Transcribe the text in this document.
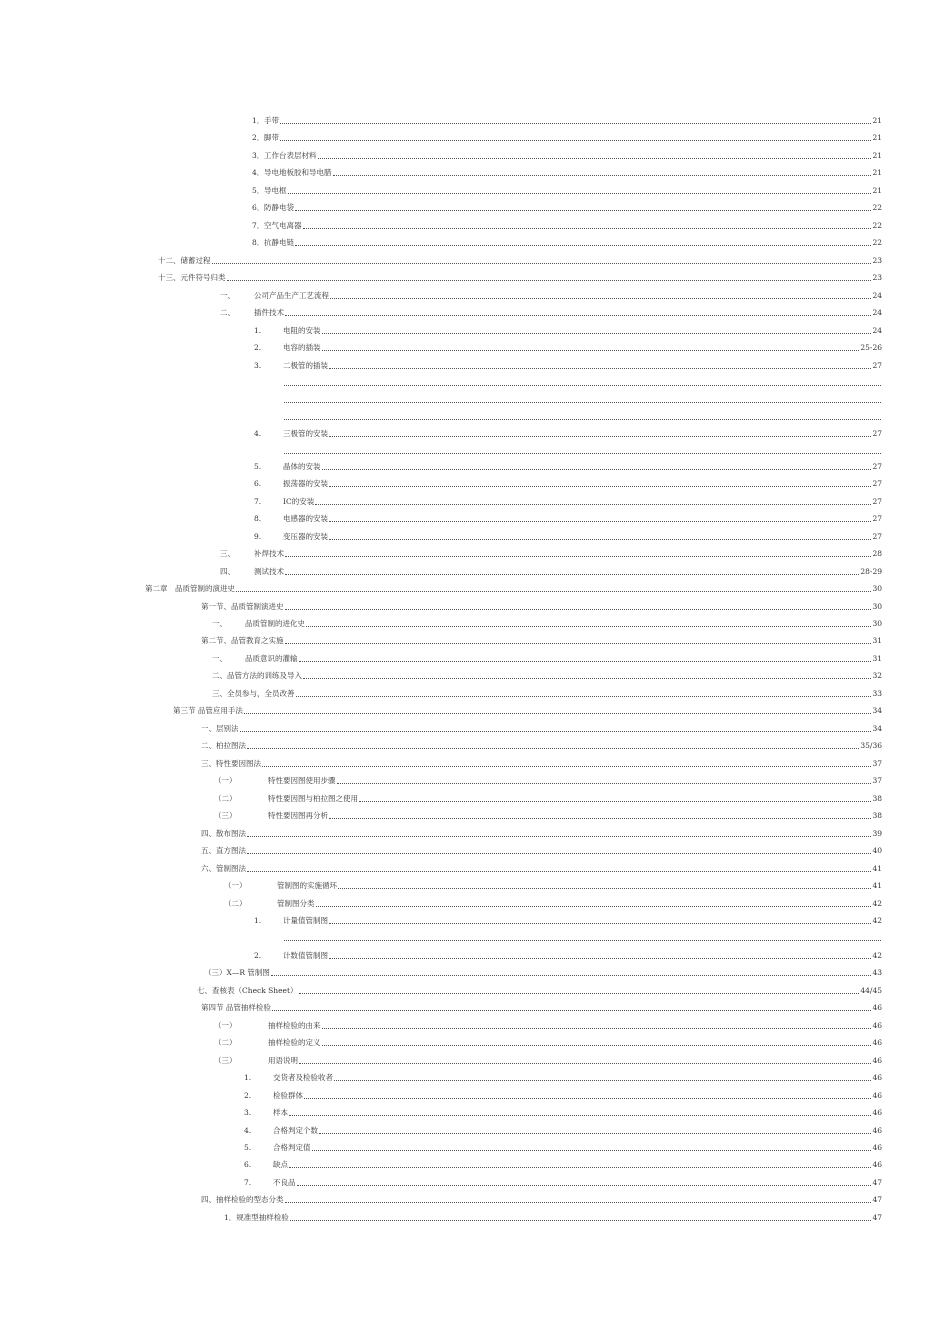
1． 手带	21
2． 脚带	21
3． 工作台表层材料	21
4． 导电地板胶和导电腊	21
5． 导电框	21
6． 防静电袋	22
7． 空气电离器	22
8． 抗静电链	22
十二、储蓄过程	23
十三、元件符号归类	23
一、	公司产品生产工艺流程	24
二、	插件技术	24
1.	电阻的安装	24
2.	电容的插装	25-26
3.	二极管的插装	27
4.	三极管的安装	27
5.	晶体的安装	27
6.	振荡器的安装	27
7.	IC的安装	27
8.	电感器的安装	27
9.	变压器的安装	27
三、	补焊技术	28
四、	测试技术	28-29
第二章　品质管制的演进史	30
第一节、品质管制演进史	30
一、	品质管制的进化史	30
第二节、品管教育之实施	31
一、	品质意识的灌输	31
二、品管方法的训练及导入	32
三、全员参与，全员改善	33
第三节 品管应用手法	34
一、层别法	34
二、柏拉图法	35/36
三、特性要因图法	37
（一）	特性要因图使用步骤	37
（二）	特性要因图与柏拉图之使用	38
（三）	特性要因图再分析	38
四、散布图法	39
五、直方图法	40
六、管制图法	41
（一）	管制图的实施循环	41
（二）	管制图分类	42
1.	计量值管制图	42
2.	计数值管制图	42
（三）X—R 管制图	43
七、查核表（Check Sheet）	44/45
第四节 品管抽样检验	46
（一）	抽样检验的由来	46
（二）	抽样检验的定义	46
（三）	用语说明	46
1.	交货者及检验收者	46
2.	检验群体	46
3.	样本	46
4.	合格判定个数	46
5.	合格判定值	46
6.	缺点	46
7.	不良品	47
四、抽样检验的型态分类	47
1．规准型抽样检验	47
